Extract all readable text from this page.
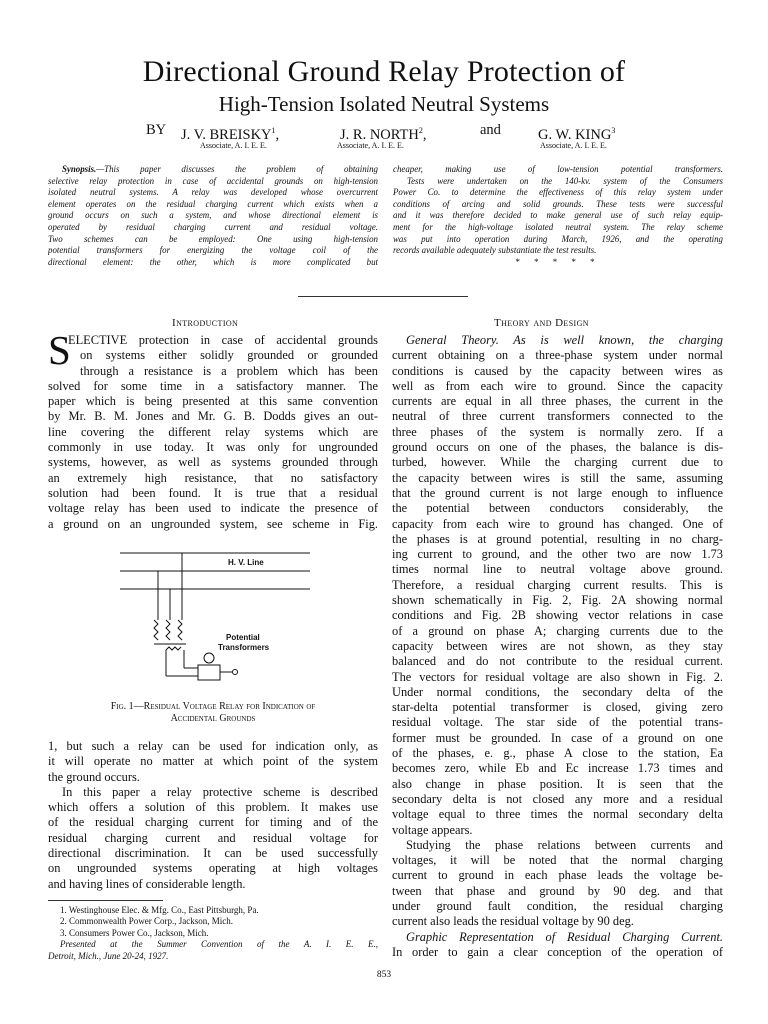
Directional Ground Relay Protection of
High-Tension Isolated Neutral Systems
BY J. V. BREISKY$^1$,	J. R. NORTH$^2$,	and	G. W. KING$^3$
Associate, A. I. E. E.	Associate, A. I. E. E.	Associate, A. I. E. E.
Synopsis.—This paper discusses the problem of obtaining
selective relay protection in case of accidental grounds on high-tension
isolated neutral systems. A relay was developed whose overcurrent
element operates on the residual charging current which exists when a
ground occurs on such a system, and whose directional element is
operated by residual charging current and residual voltage.
Two schemes can be employed: One using high-tension
potential transformers for energizing the voltage coil of the
directional element: the other, which is more complicated but
cheaper, making use of low-tension potential transformers.
Tests were undertaken on the 140-kv. system of the Consumers
Power Co. to determine the effectiveness of this relay system under
conditions of arcing and solid grounds. These tests were successful
and it was therefore decided to make general use of such relay equip-
ment for the high-voltage isolated neutral system. The relay scheme
was put into operation during March, 1926, and the operating
records available adequately substantiate the test results.
* * * * *
Introduction	Theory and Design
S
ELECTIVE protection in case of accidental grounds
on systems either solidly grounded or grounded
through a resistance is a problem which has been
solved for some time in a satisfactory manner. The
paper which is being presented at this same convention
by Mr. B. M. Jones and Mr. G. B. Dodds gives an out-
line covering the different relay systems which are
commonly in use today. It was only for ungrounded
systems, however, as well as systems grounded through
an extremely high resistance, that no satisfactory
solution had been found. It is true that a residual
voltage relay has been used to indicate the presence of
a ground on an ungrounded system, see scheme in Fig.
H. V. Line
Potential
Transformers
Fig. 1—Residual Voltage Relay for Indication of
Accidental Grounds
1, but such a relay can be used for indication only, as
it will operate no matter at which point of the system
the ground occurs.
In this paper a relay protective scheme is described
which offers a solution of this problem. It makes use
of the residual charging current for timing and of the
residual charging current and residual voltage for
directional discrimination. It can be used successfully
on ungrounded systems operating at high voltages
and having lines of considerable length.
1. Westinghouse Elec. & Mfg. Co., East Pittsburgh, Pa.
2. Commonwealth Power Corp., Jackson, Mich.
3. Consumers Power Co., Jackson, Mich.
Presented at the Summer Convention of the A. I. E. E.,
Detroit, Mich., June 20-24, 1927.
General Theory. As is well known, the charging
current obtaining on a three-phase system under normal
conditions is caused by the capacity between wires as
well as from each wire to ground. Since the capacity
currents are equal in all three phases, the current in the
neutral of three current transformers connected to the
three phases of the system is normally zero. If a
ground occurs on one of the phases, the balance is dis-
turbed, however. While the charging current due to
the capacity between wires is still the same, assuming
that the ground current is not large enough to influence
the potential between conductors considerably, the
capacity from each wire to ground has changed. One of
the phases is at ground potential, resulting in no charg-
ing current to ground, and the other two are now 1.73
times normal line to neutral voltage above ground.
Therefore, a residual charging current results. This is
shown schematically in Fig. 2, Fig. 2A showing normal
conditions and Fig. 2B showing vector relations in case
of a ground on phase A; charging currents due to the
capacity between wires are not shown, as they stay
balanced and do not contribute to the residual current.
The vectors for residual voltage are also shown in Fig. 2.
Under normal conditions, the secondary delta of the
star-delta potential transformer is closed, giving zero
residual voltage. The star side of the potential trans-
former must be grounded. In case of a ground on one
of the phases, e. g., phase A close to the station, Ea
becomes zero, while Eb and Ec increase 1.73 times and
also change in phase position. It is seen that the
secondary delta is not closed any more and a residual
voltage equal to three times the normal secondary delta
voltage appears.
Studying the phase relations between currents and
voltages, it will be noted that the normal charging
current to ground in each phase leads the voltage be-
tween that phase and ground by 90 deg. and that
under ground fault condition, the residual charging
current also leads the residual voltage by 90 deg.
Graphic Representation of Residual Charging Current.
In order to gain a clear conception of the operation of
853
